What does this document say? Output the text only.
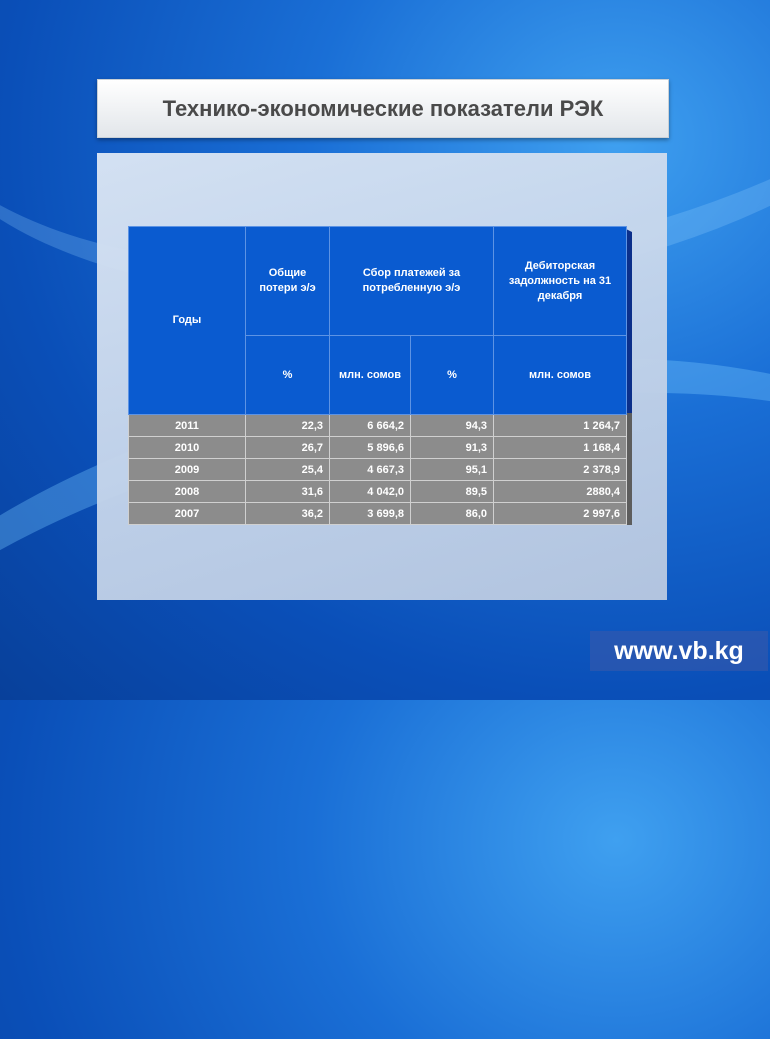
Технико-экономические показатели РЭК
Годы	Общие потери э/э	Сбор платежей за потребленную э/э		Дебиторская задолжность на 31 декабря
	%	млн. сомов	%	млн. сомов
2011	22,3	6 664,2	94,3	1 264,7
2010	26,7	5 896,6	91,3	1 168,4
2009	25,4	4 667,3	95,1	2 378,9
2008	31,6	4 042,0	89,5	2880,4
2007	36,2	3 699,8	86,0	2 997,6
www.vb.kg
